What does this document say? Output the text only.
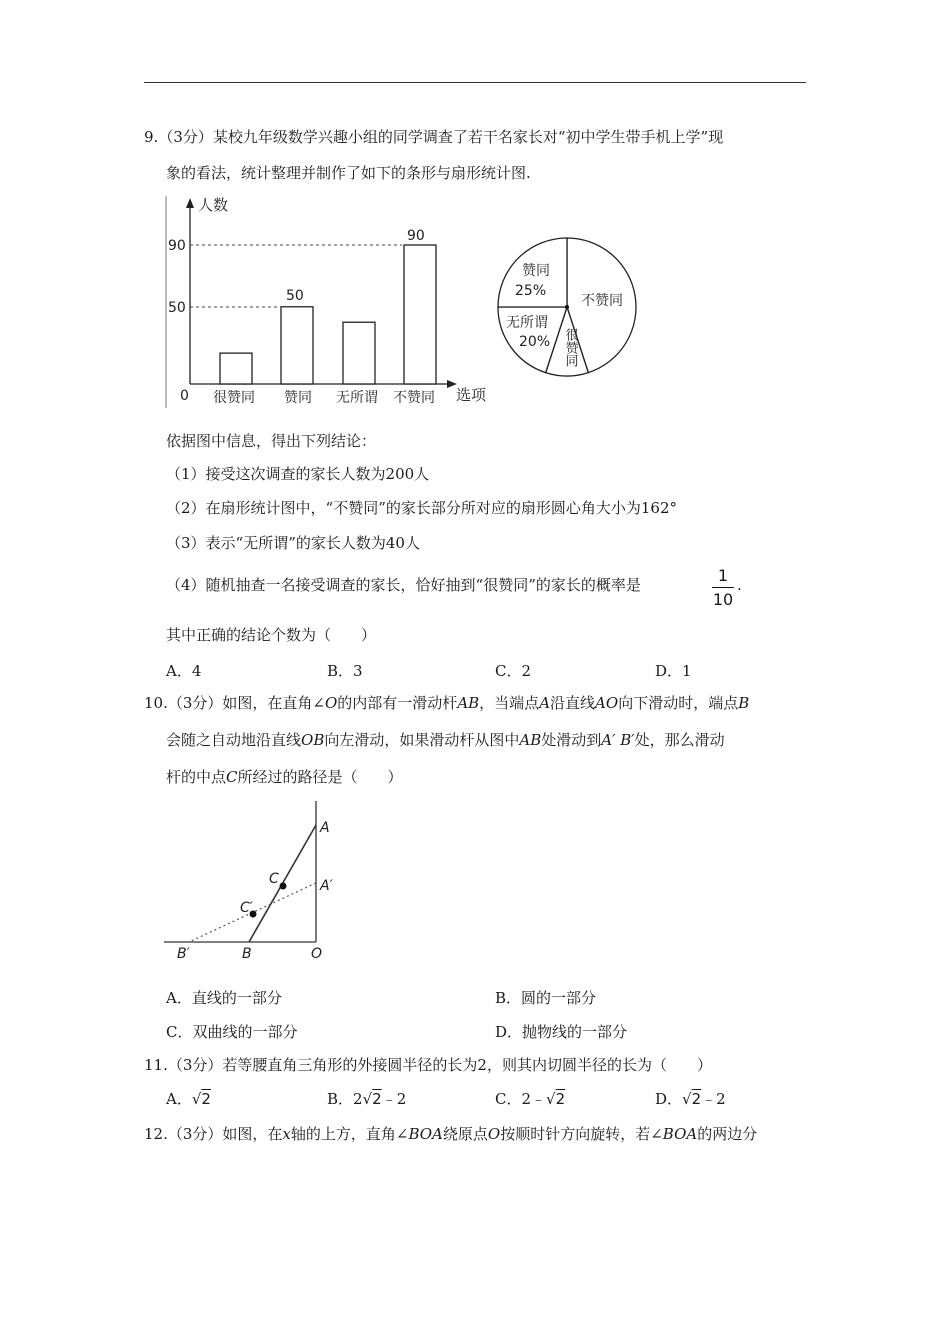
9.（3分）某校九年级数学兴趣小组的同学调查了若干名家长对“初中学生带手机上学”现
象的看法，统计整理并制作了如下的条形与扇形统计图.
人数
选项
0
50
90
50
90
很赞同 赞同 无所谓 不赞同
赞同
25%
不赞同
无所谓
20% 很赞同
依据图中信息，得出下列结论：
（1）接受这次调查的家长人数为200人
（2）在扇形统计图中，“不赞同”的家长部分所对应的扇形圆心角大小为162°
（3）表示“无所谓”的家长人数为40人
（4）随机抽查一名接受调查的家长，恰好抽到“很赞同”的家长的概率是	1
10
.
其中正确的结论个数为（　　）
A．4	B．3	C．2	D．1
10.（3分）如图，在直角∠O的内部有一滑动杆AB，当端点A沿直线AO向下滑动时，端点B
会随之自动地沿直线OB向左滑动，如果滑动杆从图中AB处滑动到A′ B′处，那么滑动
杆的中点C所经过的路径是（　　）
A
A′
C
C′
B
B′	O
A．直线的一部分	B．圆的一部分
C．双曲线的一部分	D．抛物线的一部分
11.（3分）若等腰直角三角形的外接圆半径的长为2，则其内切圆半径的长为（　　）
A．√2	B．2√2﹣2	C．2﹣√2	D．√2﹣2
12.（3分）如图，在x轴的上方，直角∠BOA绕原点O按顺时针方向旋转，若∠BOA的两边分
